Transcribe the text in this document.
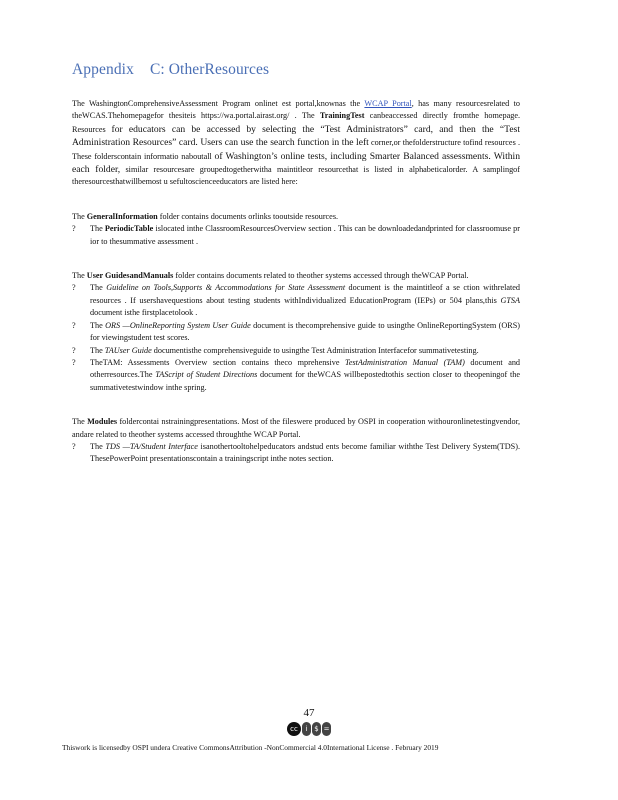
Appendix C: OtherResources

The WashingtonComprehensiveAssessment Program onlinet est portal,knownas the WCAP Portal, has many resourcesrelated to theWCAS.Thehomepagefor thesiteis https://wa.portal.airast.org/ . The TrainingTest canbeaccessed directly fromthe homepage. Resources for educators can be accessed by selecting the “Test Administrators” card, and then the “Test Administration Resources” card. Users can use the search function in the left corner,or thefolderstructure tofind resources . These folderscontain informatio naboutall of Washington’s online tests, including Smarter Balanced assessments. Within each folder, similar resourcesare groupedtogetherwitha maintitleor resourcethat is listed in alphabeticalorder. A samplingof theresourcesthatwillbemost u sefultoscienceeducators are listed here:

The GeneralInformation folder contains documents orlinks tooutside resources.

? The PeriodicTable islocated inthe ClassroomResourcesOverview section . This can be downloadedandprinted for classroomuse pr ior to thesummative assessment .

The User GuidesandManuals folder contains documents related to theother systems accessed through theWCAP Portal.

? The Guideline on Tools,Supports & Accommodations for State Assessment document is the maintitleof a se ction withrelated resources . If usershavequestions about testing students withIndividualized EducationProgram (IEPs) or 504 plans,this GTSA document isthe firstplacetolook .
? The ORS —OnlineReporting System User Guide document is thecomprehensive guide to usingthe OnlineReportingSystem (ORS) for viewingstudent test scores.
? The TAUser Guide documentisthe comprehensiveguide to usingthe Test Administration Interfacefor summativetesting.
? TheTAM: Assessments Overview section contains theco mprehensive TestAdministration Manual (TAM) document and otherresources.The TAScript of Student Directions document for theWCAS willbepostedtothis section closer to theopeningof the summativetestwindow inthe spring.

The Modules foldercontai nstrainingpresentations. Most of the fileswere produced by OSPI in cooperation withouronlinetestingvendor, andare related to theother systems accessed throughthe WCAP Portal.

? The TDS —TA/Student Interface isanothertooltohelpeducators andstud ents become familiar withthe Test Delivery System(TDS). ThesePowerPoint presentationscontain a trainingscript inthe notes section.
47
cc	i $ =
Thiswork is licensedby OSPI undera Creative CommonsAttribution -NonCommercial 4.0International License . February 2019
